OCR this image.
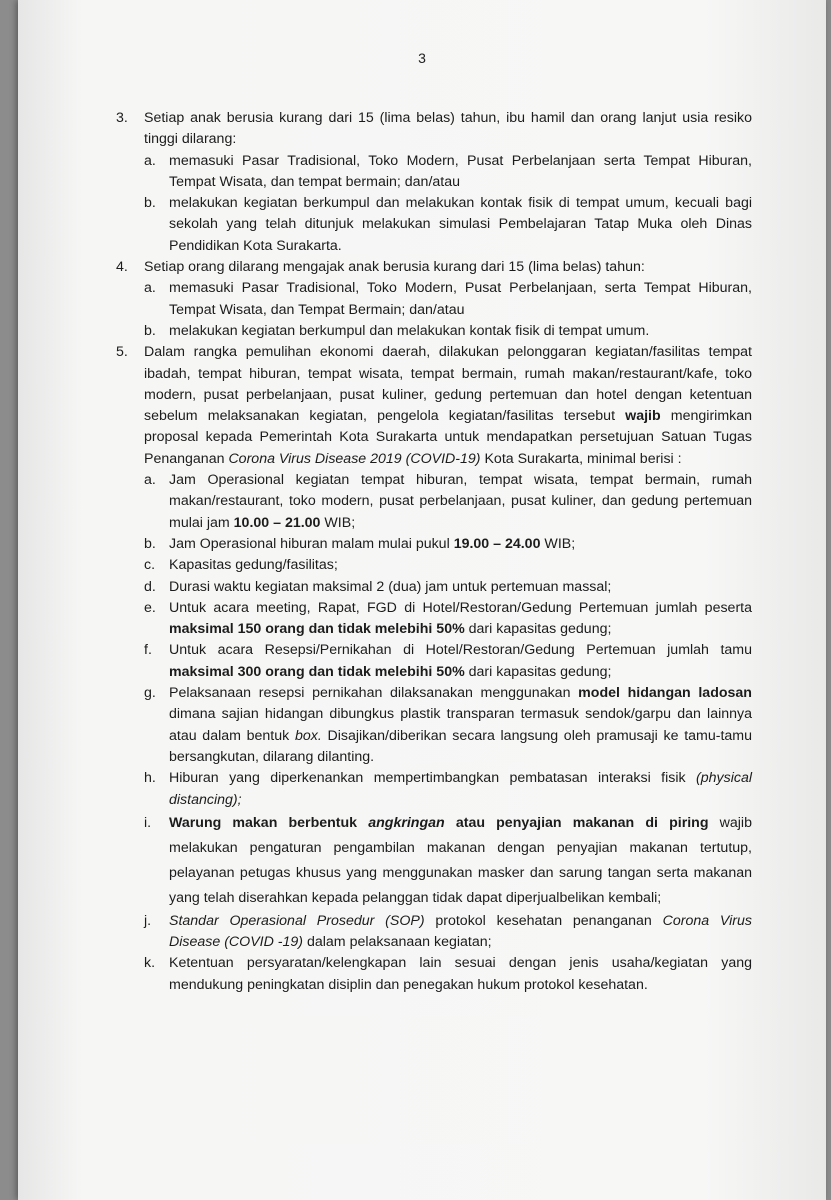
3
3.	Setiap anak berusia kurang dari 15 (lima belas) tahun, ibu hamil dan orang lanjut usia resiko tinggi dilarang:
a. memasuki Pasar Tradisional, Toko Modern, Pusat Perbelanjaan serta Tempat Hiburan, Tempat Wisata, dan tempat bermain; dan/atau
b. melakukan kegiatan berkumpul dan melakukan kontak fisik di tempat umum, kecuali bagi sekolah yang telah ditunjuk melakukan simulasi Pembelajaran Tatap Muka oleh Dinas Pendidikan Kota Surakarta.
4.	Setiap orang dilarang mengajak anak berusia kurang dari 15 (lima belas) tahun:
a. memasuki Pasar Tradisional, Toko Modern, Pusat Perbelanjaan, serta Tempat Hiburan, Tempat Wisata, dan Tempat Bermain; dan/atau
b. melakukan kegiatan berkumpul dan melakukan kontak fisik di tempat umum.
5.	Dalam rangka pemulihan ekonomi daerah, dilakukan pelonggaran kegiatan/fasilitas tempat ibadah, tempat hiburan, tempat wisata, tempat bermain, rumah makan/restaurant/kafe, toko modern, pusat perbelanjaan, pusat kuliner, gedung pertemuan dan hotel dengan ketentuan sebelum melaksanakan kegiatan, pengelola kegiatan/fasilitas tersebut wajib mengirimkan proposal kepada Pemerintah Kota Surakarta untuk mendapatkan persetujuan Satuan Tugas Penanganan Corona Virus Disease 2019 (COVID-19) Kota Surakarta, minimal berisi :
a. Jam Operasional kegiatan tempat hiburan, tempat wisata, tempat bermain, rumah makan/restaurant, toko modern, pusat perbelanjaan, pusat kuliner, dan gedung pertemuan mulai jam 10.00 – 21.00 WIB;
b. Jam Operasional hiburan malam mulai pukul 19.00 – 24.00 WIB;
c. Kapasitas gedung/fasilitas;
d. Durasi waktu kegiatan maksimal 2 (dua) jam untuk pertemuan massal;
e. Untuk acara meeting, Rapat, FGD di Hotel/Restoran/Gedung Pertemuan jumlah peserta maksimal 150 orang dan tidak melebihi 50% dari kapasitas gedung;
f.	Untuk acara Resepsi/Pernikahan di Hotel/Restoran/Gedung Pertemuan jumlah tamu maksimal 300 orang dan tidak melebihi 50% dari kapasitas gedung;
g. Pelaksanaan resepsi pernikahan dilaksanakan menggunakan model hidangan ladosan dimana sajian hidangan dibungkus plastik transparan termasuk sendok/garpu dan lainnya atau dalam bentuk box. Disajikan/diberikan secara langsung oleh pramusaji ke tamu-tamu bersangkutan, dilarang dilanting.
h. Hiburan yang diperkenankan mempertimbangkan pembatasan interaksi fisik (physical distancing);
i.	Warung makan berbentuk angkringan atau penyajian makanan di piring wajib melakukan pengaturan pengambilan makanan dengan penyajian makanan tertutup, pelayanan petugas khusus yang menggunakan masker dan sarung tangan serta makanan yang telah diserahkan kepada pelanggan tidak dapat diperjualbelikan kembali;
j.	Standar Operasional Prosedur (SOP) protokol kesehatan penanganan Corona Virus Disease (COVID -19) dalam pelaksanaan kegiatan;
k. Ketentuan persyaratan/kelengkapan lain sesuai dengan jenis usaha/kegiatan yang mendukung peningkatan disiplin dan penegakan hukum protokol kesehatan.
